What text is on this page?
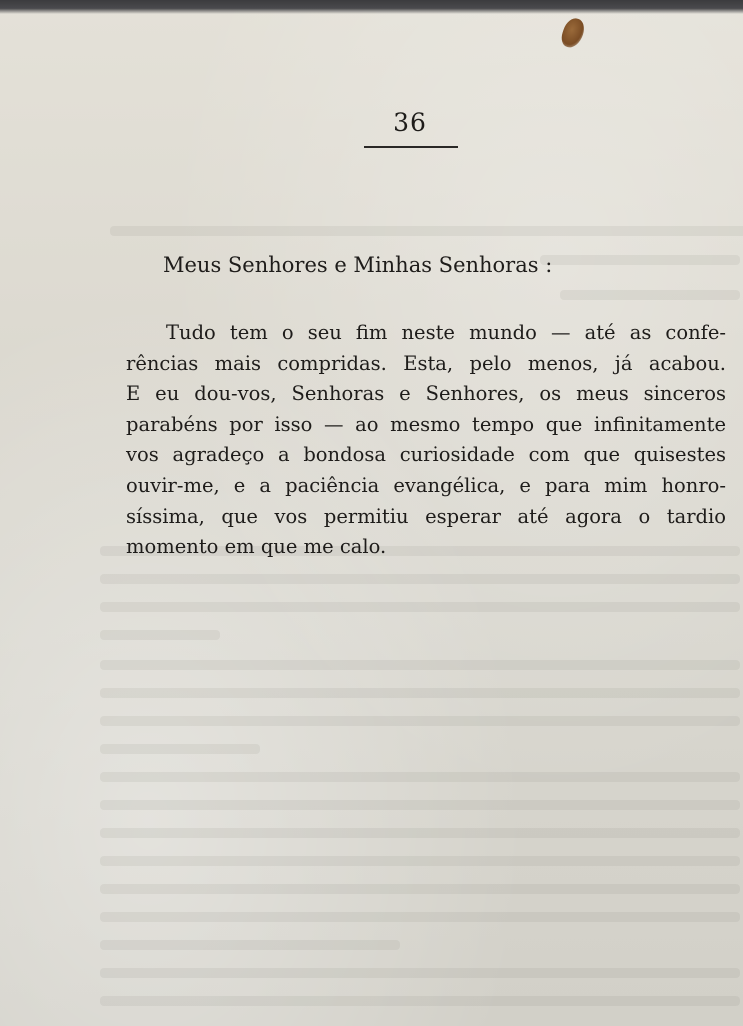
36
Meus Senhores e Minhas Senhoras :
Tudo tem o seu fim neste mundo — até as confe-
rências mais compridas. Esta, pelo menos, já acabou.
E eu dou-vos, Senhoras e Senhores, os meus sinceros
parabéns por isso — ao mesmo tempo que infinitamente
vos agradeço a bondosa curiosidade com que quisestes
ouvir-me, e a paciência evangélica, e para mim honro-
síssima, que vos permitiu esperar até agora o tardio
momento em que me calo.
